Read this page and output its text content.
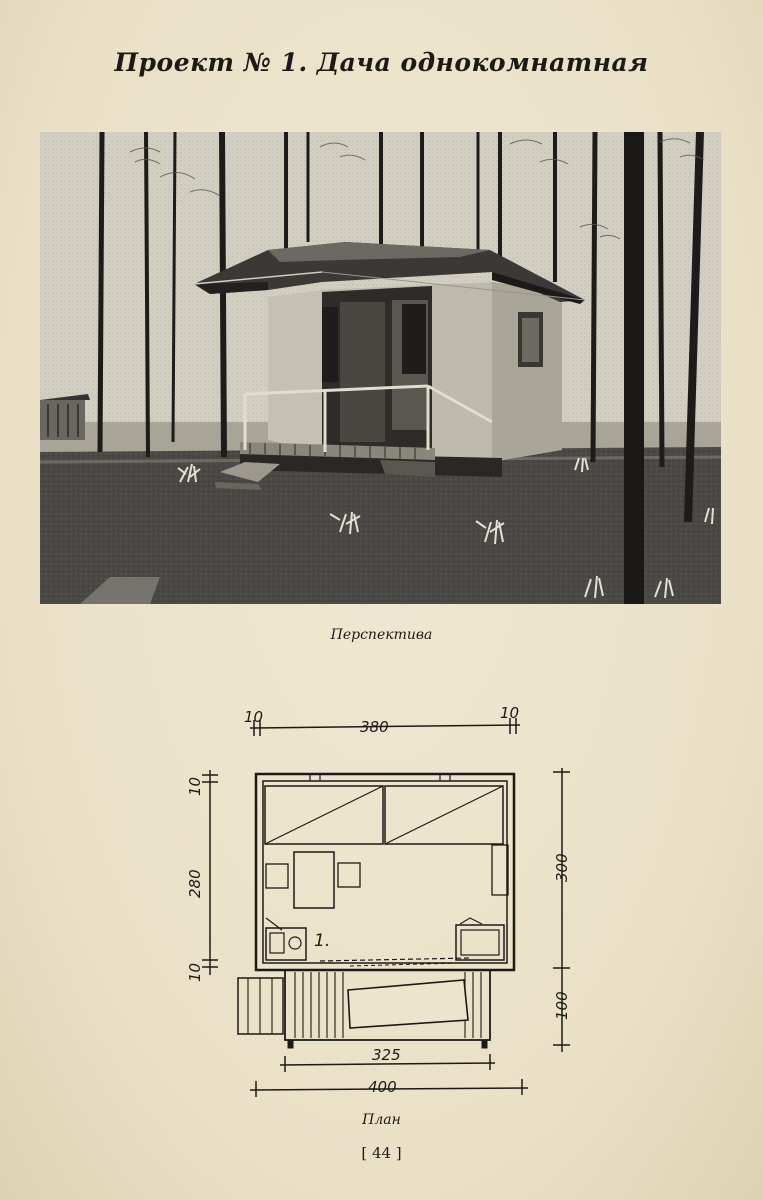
Проект № 1. Дача однокомнатная
Перспектива
10
380
10
10
280
10
300
100
325
400
1.
План
[ 44 ]
